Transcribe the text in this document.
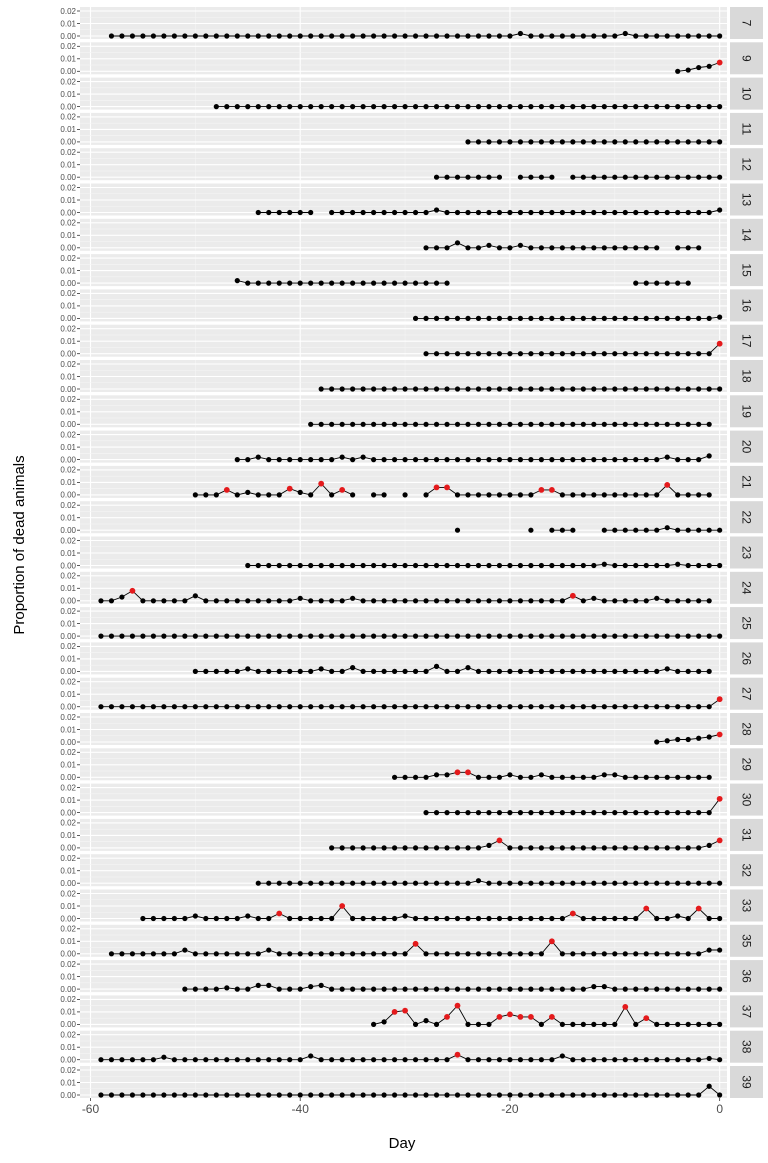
0.00
0.01
0.02
7
0.00
0.01
0.02
9
0.00
0.01
0.02
10
0.00
0.01
0.02
11
0.00
0.01
0.02
12
0.00
0.01
0.02
13
0.00
0.01
0.02
14
0.00
0.01
0.02
15
0.00
0.01
0.02
16
0.00
0.01
0.02
17
0.00
0.01
0.02
18
0.00
0.01
0.02
19
0.00
0.01
0.02
20
0.00
0.01
0.02
21
0.00
0.01
0.02
22
0.00
0.01
0.02
23
0.00
0.01
0.02
24
0.00
0.01
0.02
25
0.00
0.01
0.02
26
0.00
0.01
0.02
27
0.00
0.01
0.02
28
0.00
0.01
0.02
29
0.00
0.01
0.02
30
0.00
0.01
0.02
31
0.00
0.01
0.02
32
0.00
0.01
0.02
33
0.00
0.01
0.02
35
0.00
0.01
0.02
36
0.00
0.01
0.02
37
0.00
0.01
0.02
38
0.00
0.01
0.02
39
-60	-40	-20	0
Day
Proportion of dead animals
